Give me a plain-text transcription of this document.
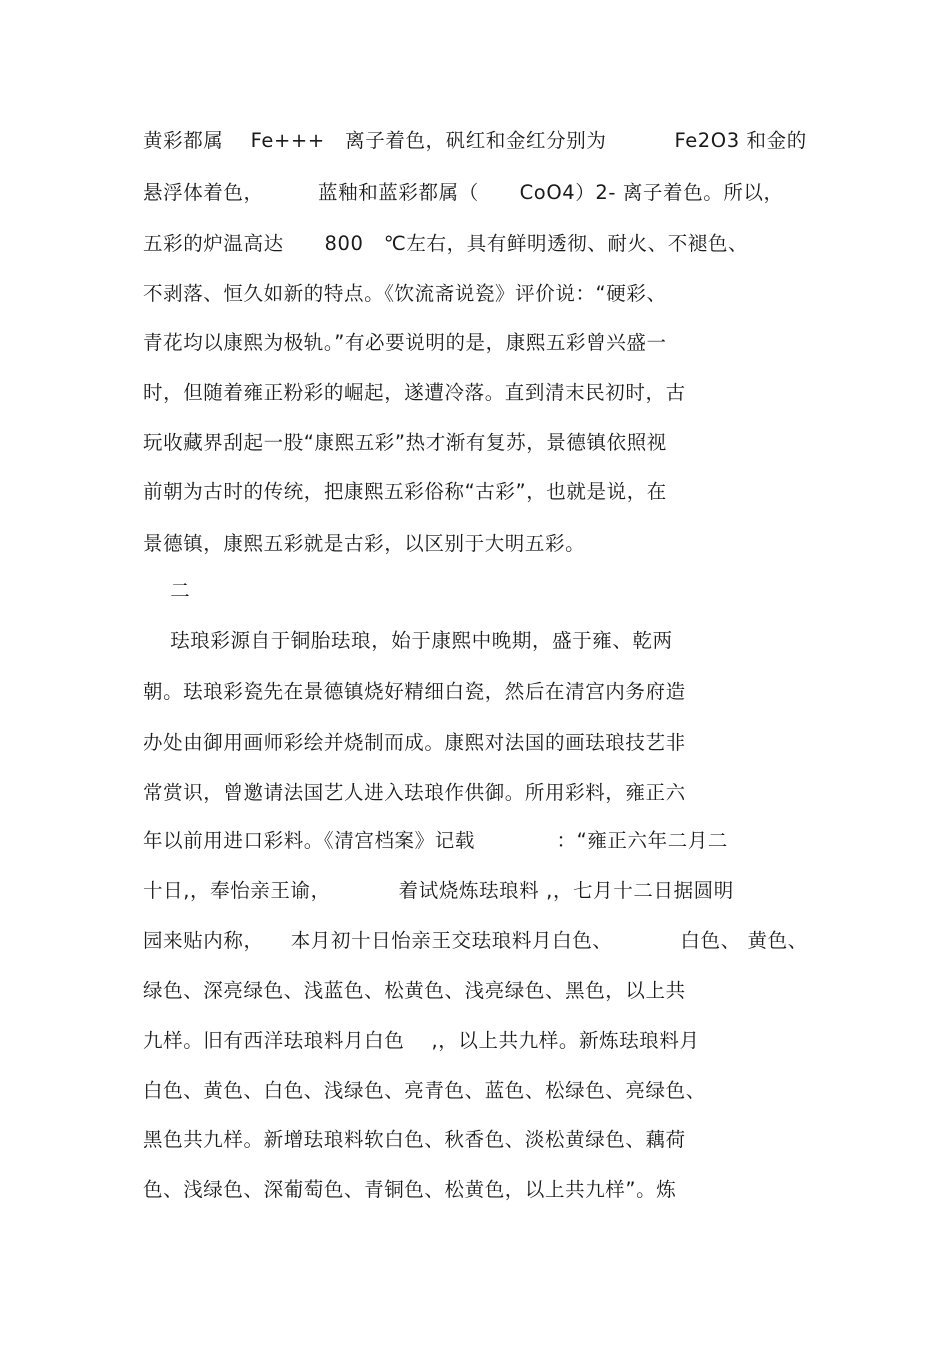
黄彩都属    Fe+++   离子着色，矾红和金红分别为          Fe2O3 和金的
悬浮体着色，        蓝釉和蓝彩都属（      CoO4）2- 离子着色。所以，
五彩的炉温高达      800   ℃左右，具有鲜明透彻、耐火、不褪色、
不剥落、恒久如新的特点。《饮流斋说瓷》评价说：“硬彩、
青花均以康熙为极轨。”有必要说明的是，康熙五彩曾兴盛一
时，但随着雍正粉彩的崛起，遂遭冷落。直到清末民初时，古
玩收藏界刮起一股“康熙五彩”热才渐有复苏，景德镇依照视
前朝为古时的传统，把康熙五彩俗称“古彩”，也就是说，在
景德镇，康熙五彩就是古彩，以区别于大明五彩。
二
珐琅彩源自于铜胎珐琅，始于康熙中晚期，盛于雍、乾两
朝。珐琅彩瓷先在景德镇烧好精细白瓷，然后在清宫内务府造
办处由御用画师彩绘并烧制而成。康熙对法国的画珐琅技艺非
常赏识，曾邀请法国艺人进入珐琅作供御。所用彩料，雍正六
年以前用进口彩料。《清宫档案》记载            ：“雍正六年二月二
十日,，奉怡亲王谕，          着试烧炼珐琅料 ,，七月十二日据圆明
园来贴内称，    本月初十日怡亲王交珐琅料月白色、          白色、 黄色、
绿色、深亮绿色、浅蓝色、松黄色、浅亮绿色、黑色，以上共
九样。旧有西洋珐琅料月白色    ,，以上共九样。新炼珐琅料月
白色、黄色、白色、浅绿色、亮青色、蓝色、松绿色、亮绿色、
黑色共九样。新增珐琅料软白色、秋香色、淡松黄绿色、藕荷
色、浅绿色、深葡萄色、青铜色、松黄色，以上共九样”。炼
